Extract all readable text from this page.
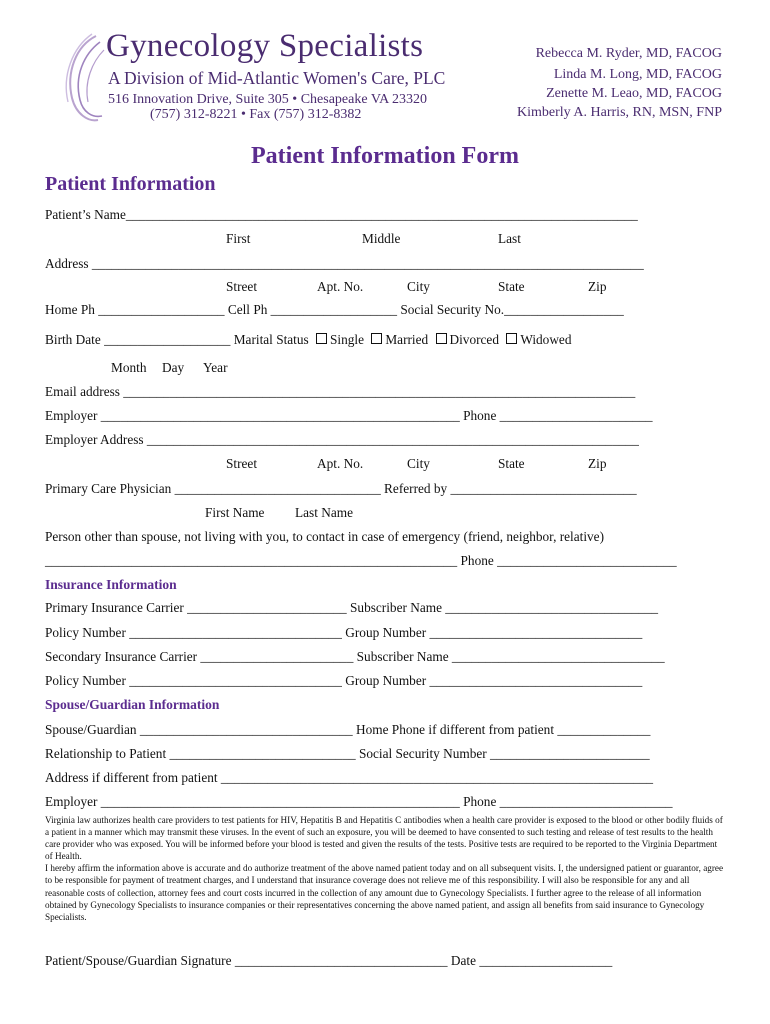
Gynecology Specialists
A Division of Mid-Atlantic Women's Care, PLC
516 Innovation Drive, Suite 305 • Chesapeake VA 23320
(757) 312-8221 • Fax (757) 312-8382
Rebecca M. Ryder, MD, FACOG
Linda M. Long, MD, FACOG
Zenette M. Leao, MD, FACOG
Kimberly A. Harris, RN, MSN, FNP
Patient Information Form
Patient Information
Patient’s Name_____________________________________________________________________________
First	Middle	Last
Address ___________________________________________________________________________________
Street	Apt. No.	City	State	Zip
Home Ph ___________________ Cell Ph ___________________ Social Security No.__________________
Birth Date ___________________ Marital Status Single Married Divorced Widowed
Month Day Year
Email address _____________________________________________________________________________
Employer ______________________________________________________ Phone _______________________
Employer Address __________________________________________________________________________
Street	Apt. No.	City	State	Zip
Primary Care Physician _______________________________ Referred by ____________________________
First Name Last Name
Person other than spouse, not living with you, to contact in case of emergency (friend, neighbor, relative)
______________________________________________________________ Phone ___________________________
Insurance Information
Primary Insurance Carrier ________________________ Subscriber Name ________________________________
Policy Number ________________________________ Group Number ________________________________
Secondary Insurance Carrier _______________________ Subscriber Name ________________________________
Policy Number ________________________________ Group Number ________________________________
Spouse/Guardian Information
Spouse/Guardian ________________________________ Home Phone if different from patient ______________
Relationship to Patient ____________________________ Social Security Number ________________________
Address if different from patient _________________________________________________________________
Employer ______________________________________________________ Phone __________________________

Virginia law authorizes health care providers to test patients for HIV, Hepatitis B and Hepatitis C antibodies when a health care provider is exposed to the blood or other bodily fluids of a patient in a manner which may transmit these viruses. In the event of such an exposure, you will be deemed to have consented to such testing and release of test results to the health care provider who was exposed. You will be informed before your blood is tested and given the results of the tests. Positive tests are required to be reported to the Virginia Department of Health.

I hereby affirm the information above is accurate and do authorize treatment of the above named patient today and on all subsequent visits. I, the undersigned patient or guarantor, agree to be responsible for payment of treatment charges, and I understand that insurance coverage does not relieve me of this responsibility. I will also be responsible for any and all reasonable costs of collection, attorney fees and court costs incurred in the collection of any amount due to Gynecology Specialists. I further agree to the release of all information obtained by Gynecology Specialists to insurance companies or their representatives concerning the above named patient, and assign all benefits from said insurance to Gynecology Specialists.

Patient/Spouse/Guardian Signature ________________________________ Date ____________________
